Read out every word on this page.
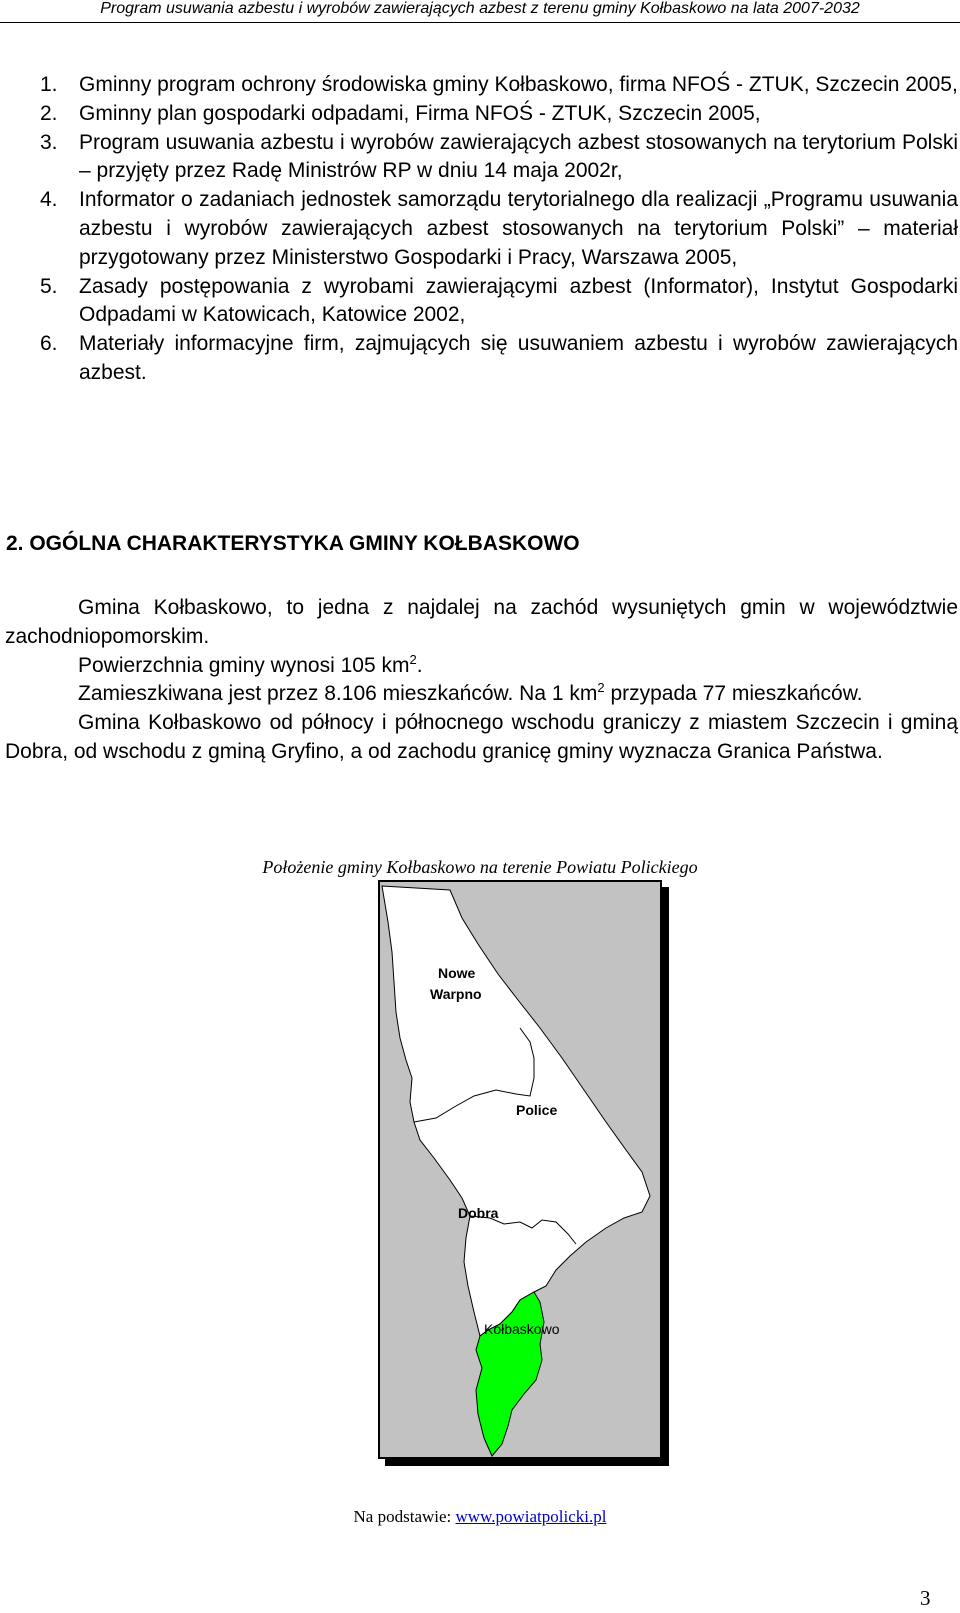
Program usuwania azbestu i wyrobów zawierających azbest z terenu gminy Kołbaskowo na lata 2007-2032
1. Gminny program ochrony środowiska gminy Kołbaskowo, firma NFOŚ - ZTUK, Szczecin 2005,
2. Gminny plan gospodarki odpadami, Firma NFOŚ - ZTUK, Szczecin 2005,
3. Program usuwania azbestu i wyrobów zawierających azbest stosowanych na terytorium Polski – przyjęty przez Radę Ministrów RP w dniu 14 maja 2002r,
4. Informator o zadaniach jednostek samorządu terytorialnego dla realizacji „Programu usuwania azbestu i wyrobów zawierających azbest stosowanych na terytorium Polski” – materiał przygotowany przez Ministerstwo Gospodarki i Pracy, Warszawa 2005,
5. Zasady postępowania z wyrobami zawierającymi azbest (Informator), Instytut Gospodarki Odpadami w Katowicach, Katowice 2002,
6. Materiały informacyjne firm, zajmujących się usuwaniem azbestu i wyrobów zawierających azbest.
2. OGÓLNA CHARAKTERYSTYKA GMINY KOŁBASKOWO

Gmina Kołbaskowo, to jedna z najdalej na zachód wysuniętych gmin w województwie zachodniopomorskim.

Powierzchnia gminy wynosi 105 $km^2$.

Zamieszkiwana jest przez 8.106 mieszkańców. Na 1 $km^2$ przypada 77 mieszkańców.

Gmina Kołbaskowo od północy i północnego wschodu graniczy z miastem Szczecin i gminą Dobra, od wschodu z gminą Gryfino, a od zachodu granicę gminy wyznacza Granica Państwa.

Położenie gminy Kołbaskowo na terenie Powiatu Polickiego
Nowe
Warpno
Police
Dobra
Kołbaskowo
Na podstawie: www.powiatpolicki.pl
3
